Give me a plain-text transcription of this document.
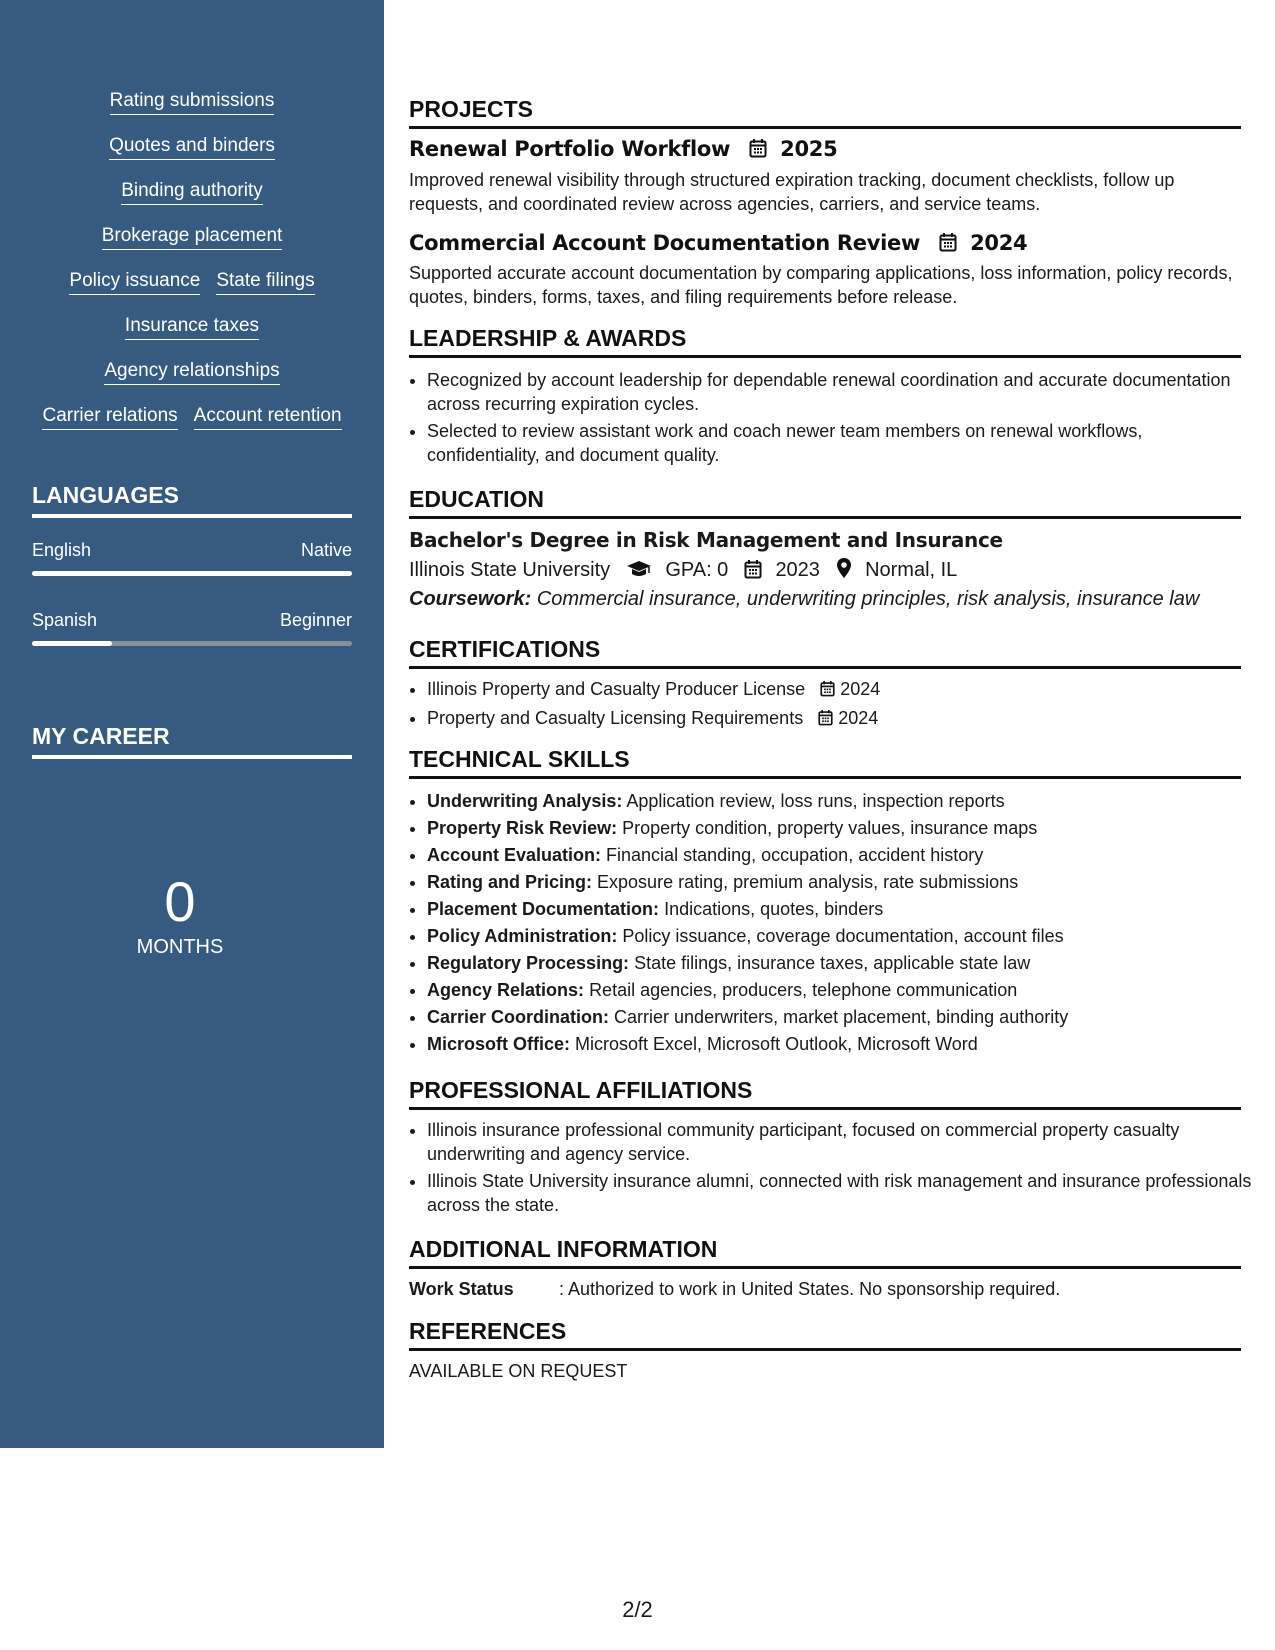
Rating submissions
Quotes and binders
Binding authority
Brokerage placement
Policy issuance State filings
Insurance taxes
Agency relationships
Carrier relations Account retention
LANGUAGES
English	Native
Spanish	Beginner
MY CAREER
0
MONTHS
PROJECTS
Renewal Portfolio Workflow 2025
Improved renewal visibility through structured expiration tracking, document checklists, follow up requests, and coordinated review across agencies, carriers, and service teams.
Commercial Account Documentation Review 2024
Supported accurate account documentation by comparing applications, loss information, policy records, quotes, binders, forms, taxes, and filing requirements before release.
LEADERSHIP & AWARDS
• Recognized by account leadership for dependable renewal coordination and accurate documentation across recurring expiration cycles.
• Selected to review assistant work and coach newer team members on renewal workflows, confidentiality, and document quality.
EDUCATION
Bachelor's Degree in Risk Management and Insurance
Illinois State University	GPA: 0 2023 Normal, IL
Coursework: Commercial insurance, underwriting principles, risk analysis, insurance law
CERTIFICATIONS
• Illinois Property and Casualty Producer License 2024
• Property and Casualty Licensing Requirements 2024
TECHNICAL SKILLS
• Underwriting Analysis: Application review, loss runs, inspection reports
• Property Risk Review: Property condition, property values, insurance maps
• Account Evaluation: Financial standing, occupation, accident history
• Rating and Pricing: Exposure rating, premium analysis, rate submissions
• Placement Documentation: Indications, quotes, binders
• Policy Administration: Policy issuance, coverage documentation, account files
• Regulatory Processing: State filings, insurance taxes, applicable state law
• Agency Relations: Retail agencies, producers, telephone communication
• Carrier Coordination: Carrier underwriters, market placement, binding authority
• Microsoft Office: Microsoft Excel, Microsoft Outlook, Microsoft Word
PROFESSIONAL AFFILIATIONS
• Illinois insurance professional community participant, focused on commercial property casualty underwriting and agency service.
• Illinois State University insurance alumni, connected with risk management and insurance professionals across the state.
ADDITIONAL INFORMATION
Work Status	: Authorized to work in United States. No sponsorship required.
REFERENCES
AVAILABLE ON REQUEST
2/2
